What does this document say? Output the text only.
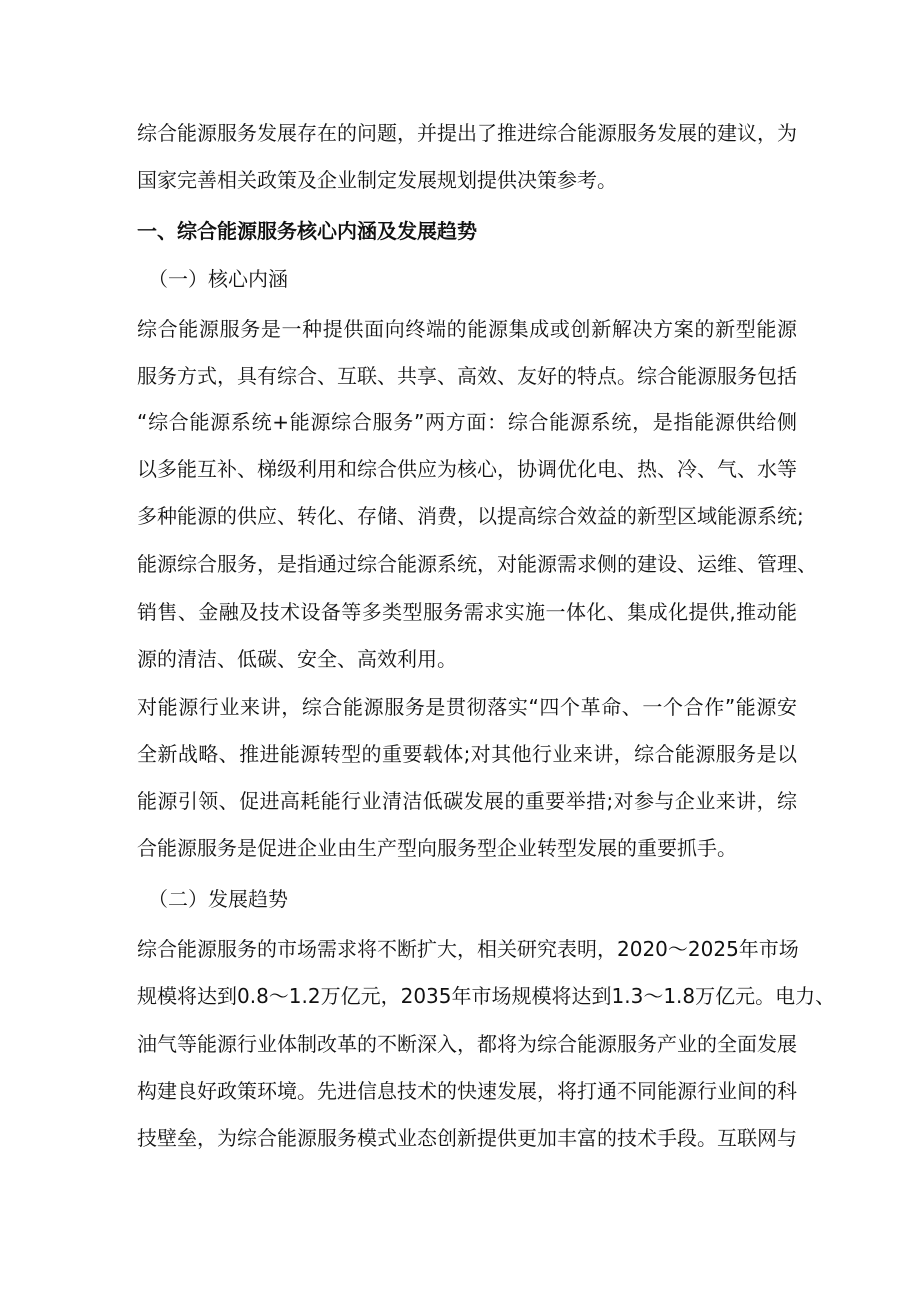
综合能源服务发展存在的问题，并提出了推进综合能源服务发展的建议，为
国家完善相关政策及企业制定发展规划提供决策参考。
一、综合能源服务核心内涵及发展趋势
（一）核心内涵
综合能源服务是一种提供面向终端的能源集成或创新解决方案的新型能源
服务方式，具有综合、互联、共享、高效、友好的特点。综合能源服务包括
“综合能源系统+能源综合服务”两方面：综合能源系统，是指能源供给侧
以多能互补、梯级利用和综合供应为核心，协调优化电、热、冷、气、水等
多种能源的供应、转化、存储、消费，以提高综合效益的新型区域能源系统;
能源综合服务，是指通过综合能源系统，对能源需求侧的建设、运维、管理、
销售、金融及技术设备等多类型服务需求实施一体化、集成化提供,推动能
源的清洁、低碳、安全、高效利用。
对能源行业来讲，综合能源服务是贯彻落实“四个革命、一个合作”能源安
全新战略、推进能源转型的重要载体;对其他行业来讲，综合能源服务是以
能源引领、促进高耗能行业清洁低碳发展的重要举措;对参与企业来讲，综
合能源服务是促进企业由生产型向服务型企业转型发展的重要抓手。
（二）发展趋势
综合能源服务的市场需求将不断扩大，相关研究表明，2020〜2025年市场
规模将达到0.8〜1.2万亿元，2035年市场规模将达到1.3〜1.8万亿元。电力、
油气等能源行业体制改革的不断深入，都将为综合能源服务产业的全面发展
构建良好政策环境。先进信息技术的快速发展，将打通不同能源行业间的科
技壁垒，为综合能源服务模式业态创新提供更加丰富的技术手段。互联网与
